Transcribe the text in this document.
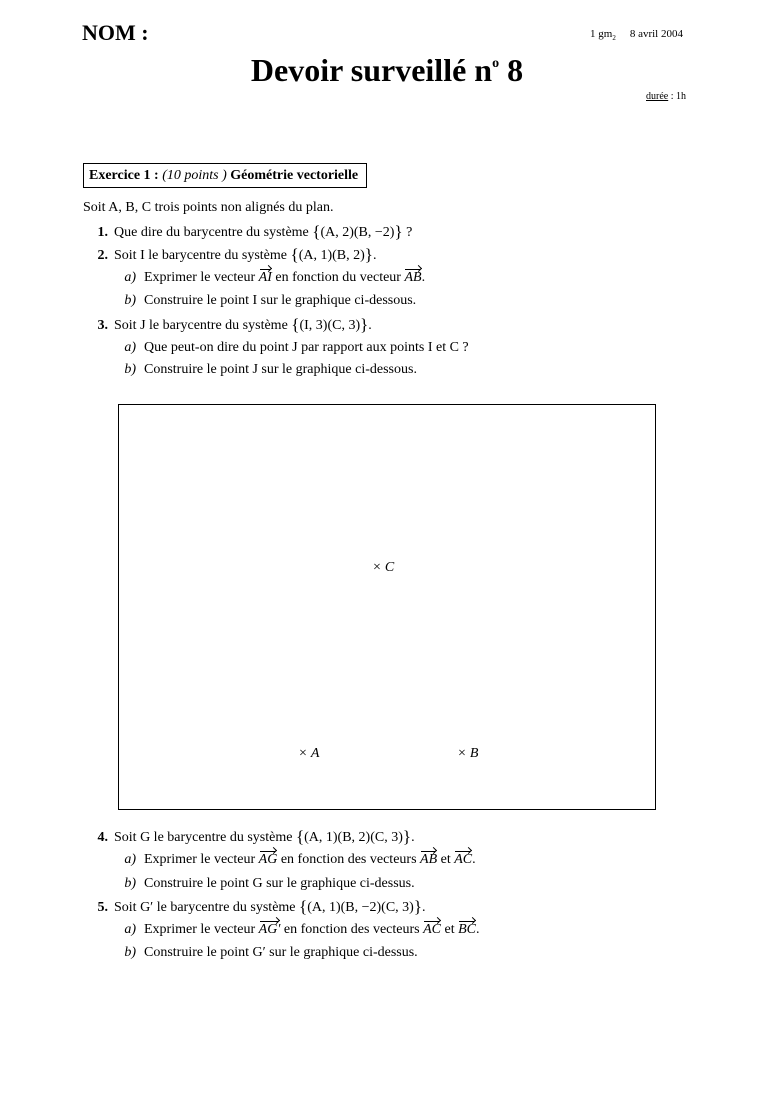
NOM :	1 $gm_2$ 8 avril 2004
Devoir surveillé $n^o$ 8
durée : 1h
Exercice 1 : (10 points ) Géométrie vectorielle
Soit A, B, C trois points non alignés du plan.
1. Que dire du barycentre du système {(A, 2)(B, −2)} ?
2. Soit I le barycentre du système {(A, 1)(B, 2)}.
a) Exprimer le vecteur AI en fonction du vecteur AB.
b) Construire le point I sur le graphique ci-dessous.
3. Soit J le barycentre du système {(I, 3)(C, 3)}.
a) Que peut-on dire du point J par rapport aux points I et C ?
b) Construire le point J sur le graphique ci-dessous.
× C
× A	× B
4. Soit G le barycentre du système {(A, 1)(B, 2)(C, 3)}.
a) Exprimer le vecteur AG en fonction des vecteurs AB et AC.
b) Construire le point G sur le graphique ci-dessus.
5. Soit G′ le barycentre du système {(A, 1)(B, −2)(C, 3)}.
a) Exprimer le vecteur AG′ en fonction des vecteurs AC et BC.
b) Construire le point G′ sur le graphique ci-dessus.
